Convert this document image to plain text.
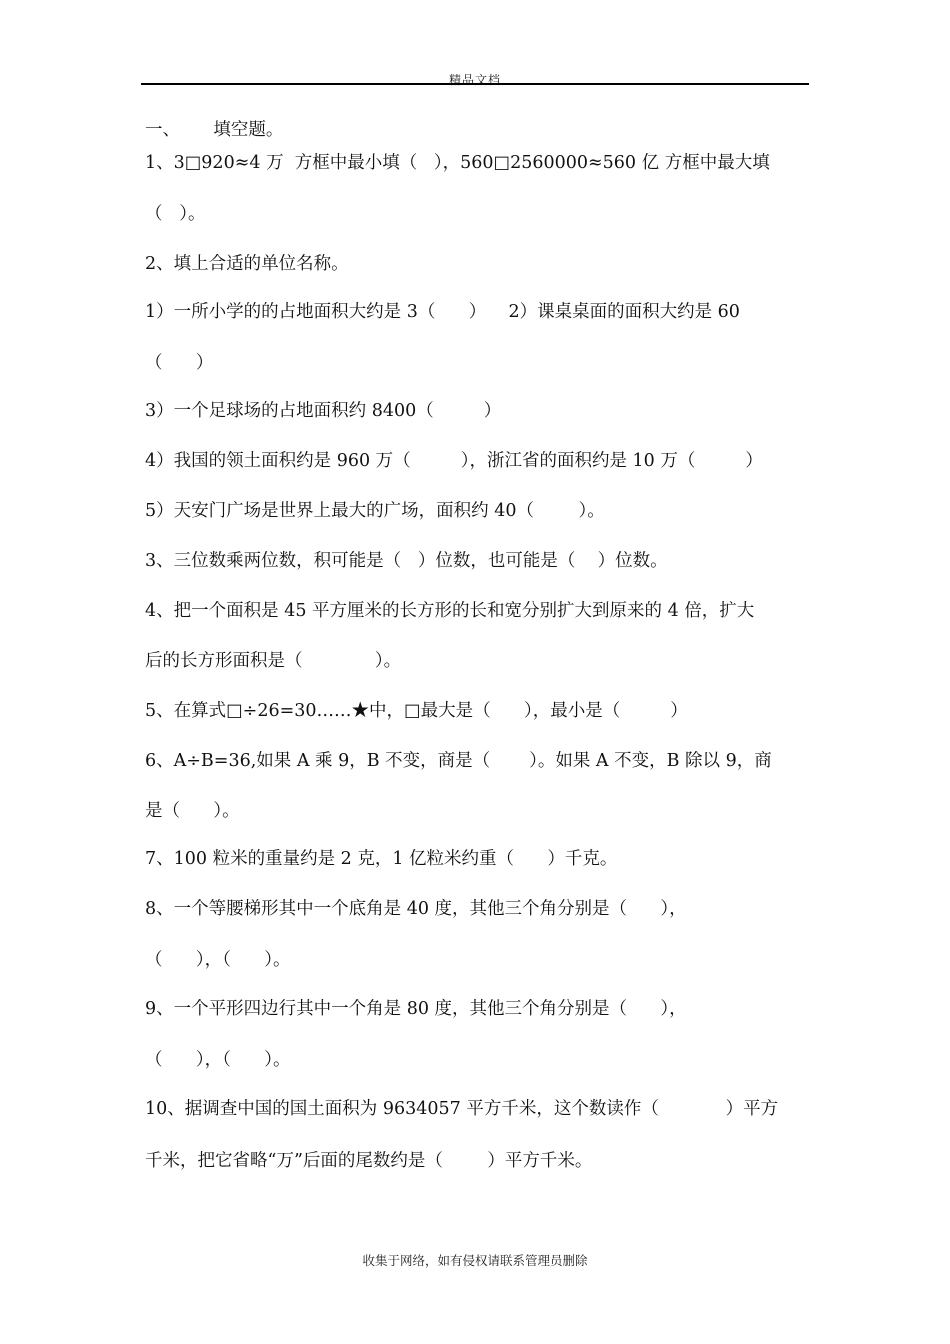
精品文档
一、      填空题。
1、3□920≈4 万  方框中最小填（   ），560□2560000≈560 亿 方框中最大填
（   ）。
2、填上合适的单位名称。
1）一所小学的的占地面积大约是 3（      ）    2）课桌桌面的面积大约是 60
（      ）
3）一个足球场的占地面积约 8400（         ）
4）我国的领土面积约是 960 万（         ），浙江省的面积约是 10 万（         ）
5）天安门广场是世界上最大的广场，面积约 40（        ）。
3、三位数乘两位数，积可能是（   ）位数，也可能是（    ）位数。
4、把一个面积是 45 平方厘米的长方形的长和宽分别扩大到原来的 4 倍，扩大
后的长方形面积是（             ）。
5、在算式□÷26=30……★中，□最大是（      ），最小是（         ）
6、A÷B=36,如果 A 乘 9，B 不变，商是（       ）。如果 A 不变，B 除以 9，商
是（      ）。
7、100 粒米的重量约是 2 克，1 亿粒米约重（      ）千克。
8、一个等腰梯形其中一个底角是 40 度，其他三个角分别是（      ），
（      ），（      ）。
9、一个平形四边行其中一个角是 80 度，其他三个角分别是（      ），
（      ），（      ）。
10、据调查中国的国土面积为 9634057 平方千米，这个数读作（            ）平方
千米，把它省略“万”后面的尾数约是（        ）平方千米。
收集于网络，如有侵权请联系管理员删除
